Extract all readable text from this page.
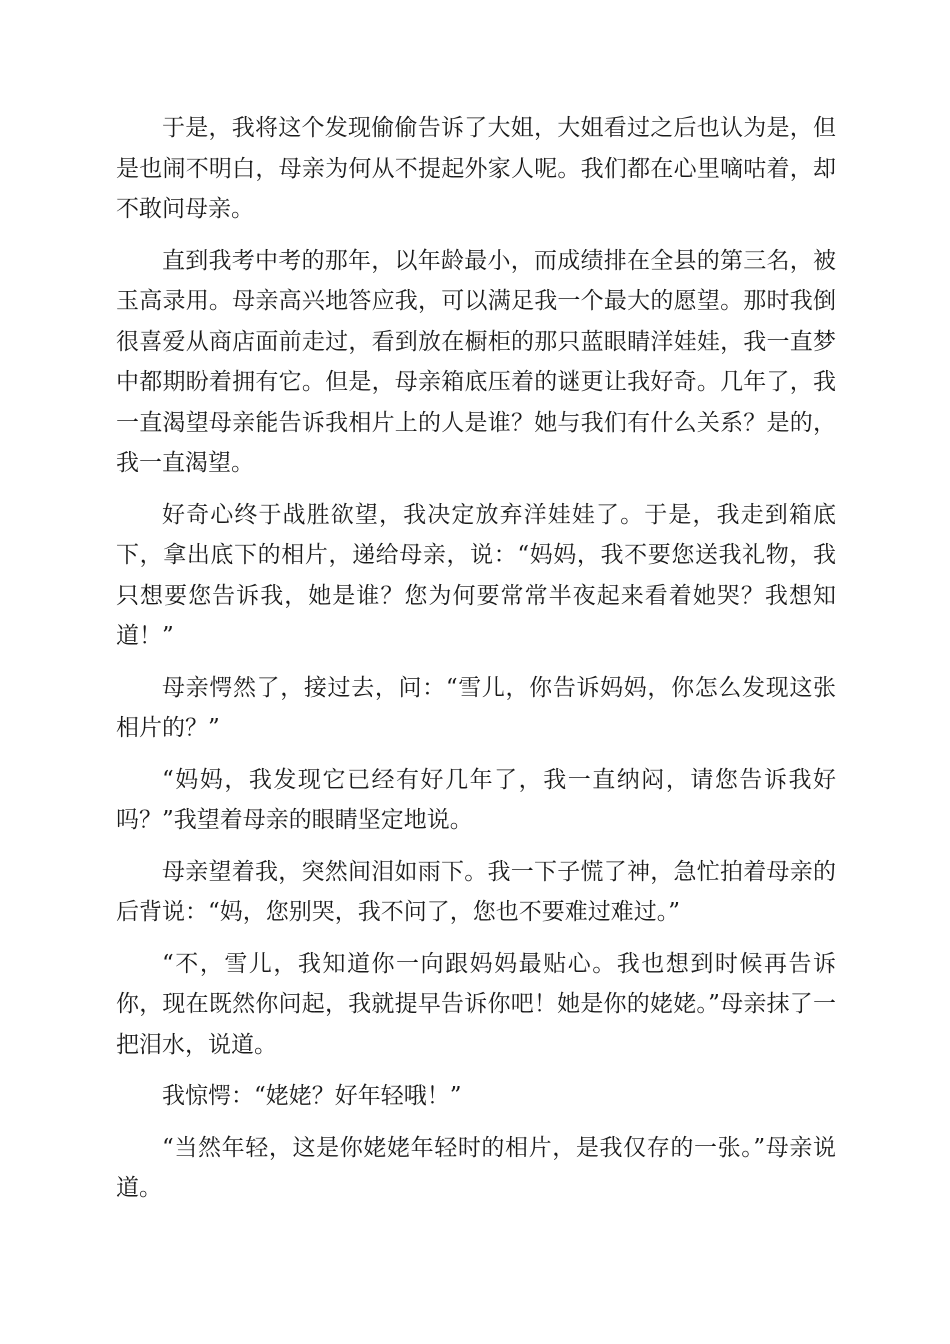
于是，我将这个发现偷偷告诉了大姐，大姐看过之后也认为是，但是也闹不明白，母亲为何从不提起外家人呢。我们都在心里嘀咕着，却不敢问母亲。

直到我考中考的那年，以年龄最小，而成绩排在全县的第三名，被玉高录用。母亲高兴地答应我，可以满足我一个最大的愿望。那时我倒很喜爱从商店面前走过，看到放在橱柜的那只蓝眼睛洋娃娃，我一直梦中都期盼着拥有它。但是，母亲箱底压着的谜更让我好奇。几年了，我一直渴望母亲能告诉我相片上的人是谁？她与我们有什么关系？是的，我一直渴望。

好奇心终于战胜欲望，我决定放弃洋娃娃了。于是，我走到箱底下，拿出底下的相片，递给母亲，说：“妈妈，我不要您送我礼物，我只想要您告诉我，她是谁？您为何要常常半夜起来看着她哭？我想知道！”

母亲愕然了，接过去，问：“雪儿，你告诉妈妈，你怎么发现这张相片的？”

“妈妈，我发现它已经有好几年了，我一直纳闷，请您告诉我好吗？”我望着母亲的眼睛坚定地说。

母亲望着我，突然间泪如雨下。我一下子慌了神，急忙拍着母亲的后背说：“妈，您别哭，我不问了，您也不要难过难过。”

“不，雪儿，我知道你一向跟妈妈最贴心。我也想到时候再告诉你，现在既然你问起，我就提早告诉你吧！她是你的姥姥。”母亲抹了一把泪水，说道。

我惊愕：“姥姥？好年轻哦！”

“当然年轻，这是你姥姥年轻时的相片，是我仅存的一张。”母亲说道。
